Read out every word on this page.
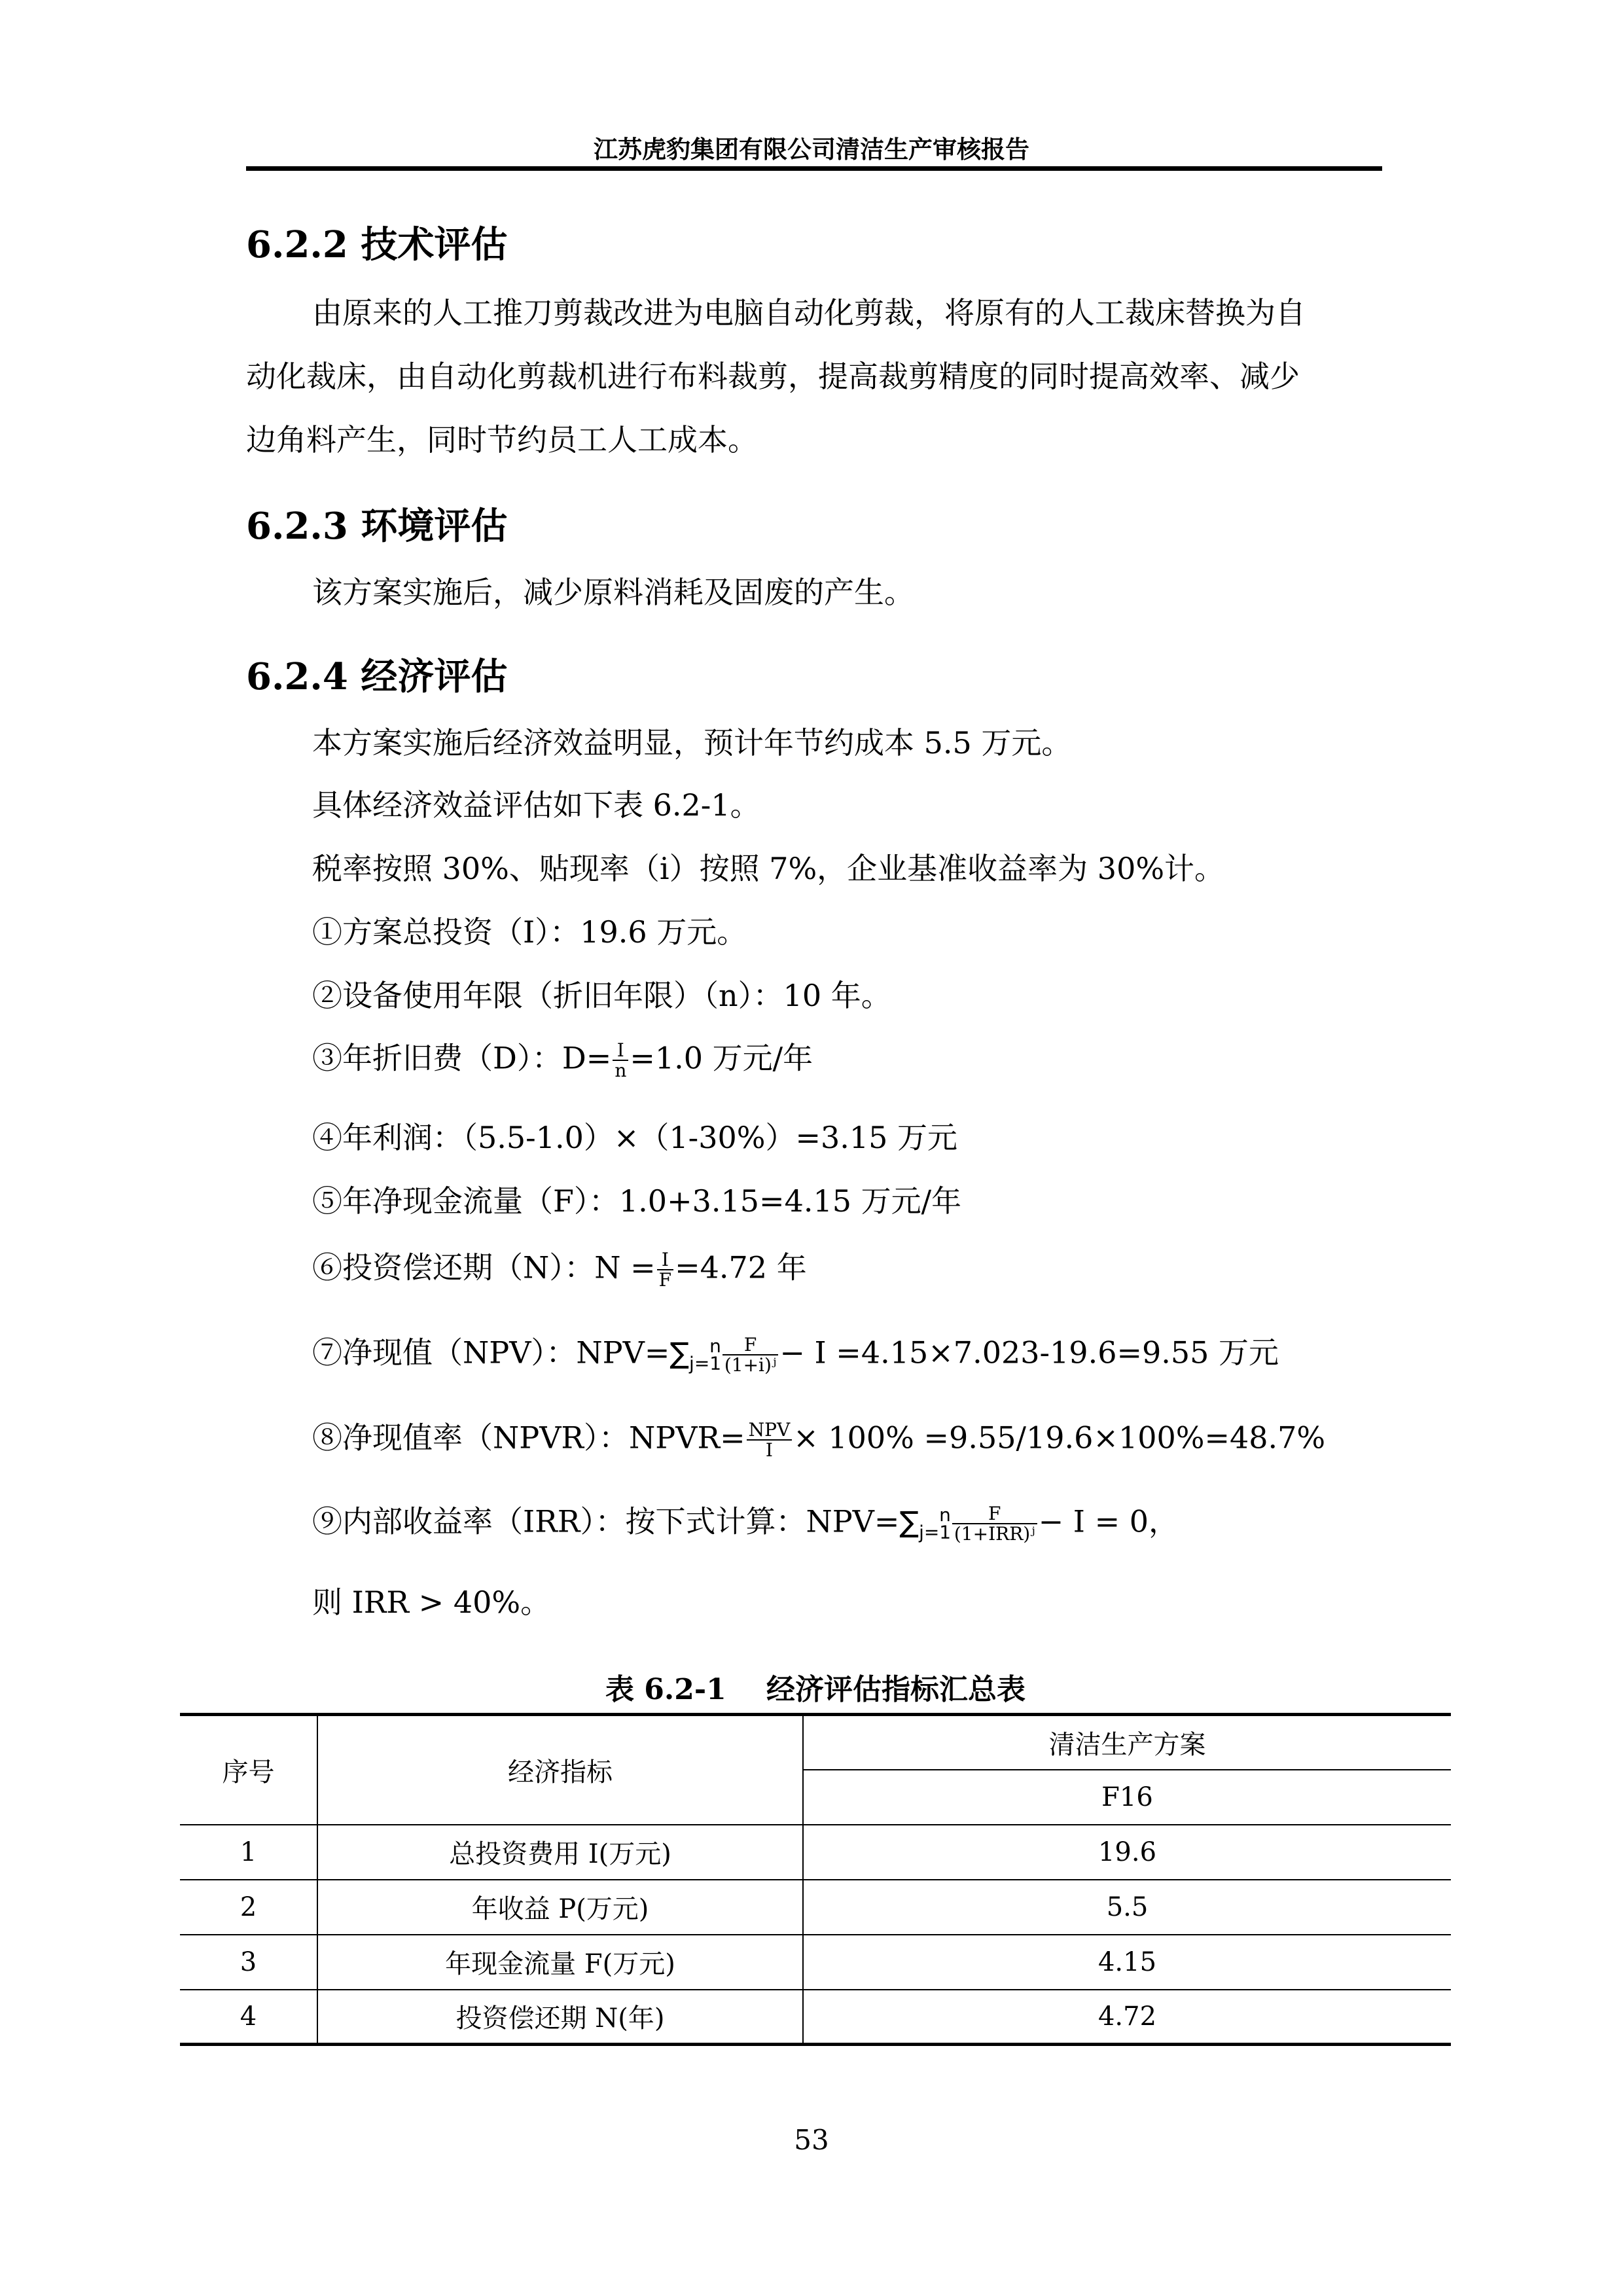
江苏虎豹集团有限公司清洁生产审核报告
6.2.2 技术评估
由原来的人工推刀剪裁改进为电脑自动化剪裁，将原有的人工裁床替换为自
动化裁床，由自动化剪裁机进行布料裁剪，提高裁剪精度的同时提高效率、减少
边角料产生，同时节约员工人工成本。
6.2.3 环境评估
该方案实施后，减少原料消耗及固废的产生。
6.2.4 经济评估
本方案实施后经济效益明显，预计年节约成本 5.5 万元。
具体经济效益评估如下表 6.2-1。
税率按照 30%、贴现率（i）按照 7%，企业基准收益率为 30%计。
①方案总投资（I）：19.6 万元。
②设备使用年限（折旧年限）（n）：10 年。
③年折旧费（D）：$D= \frac{I}{n} =1.0$ 万元/年
④年利润：（5.5-1.0）×（1-30%）=3.15 万元
⑤年净现金流量（F）：1.0+3.15=4.15 万元/年
⑥投资偿还期（N）：$N = \frac{I}{F} =4.72$ 年
⑦净现值（NPV）：$NPV=\sum_{j=1}^n \frac{F}{\text{(1+i)ʲ}} - I =4.15\times 7.023-19.6=9.55$ 万元
⑧净现值率（NPVR）：NPVR= $\frac{\text{NPV}}{I} \times 100\% =9.55/19.6\times 100\%=48.7\%$
⑨内部收益率（IRR）：按下式计算：$NPV=\sum_{j=1}^n \frac{F}{\text{(1+IRR)ʲ}} - I = 0$，
则 IRR > 40%。
表 6.2-1    经济评估指标汇总表
序号	经济指标	清洁生产方案
		F16
1	总投资费用 I(万元)	19.6
2	年收益 P(万元)	5.5
3	年现金流量 F(万元)	4.15
4	投资偿还期 N(年)	4.72
53
